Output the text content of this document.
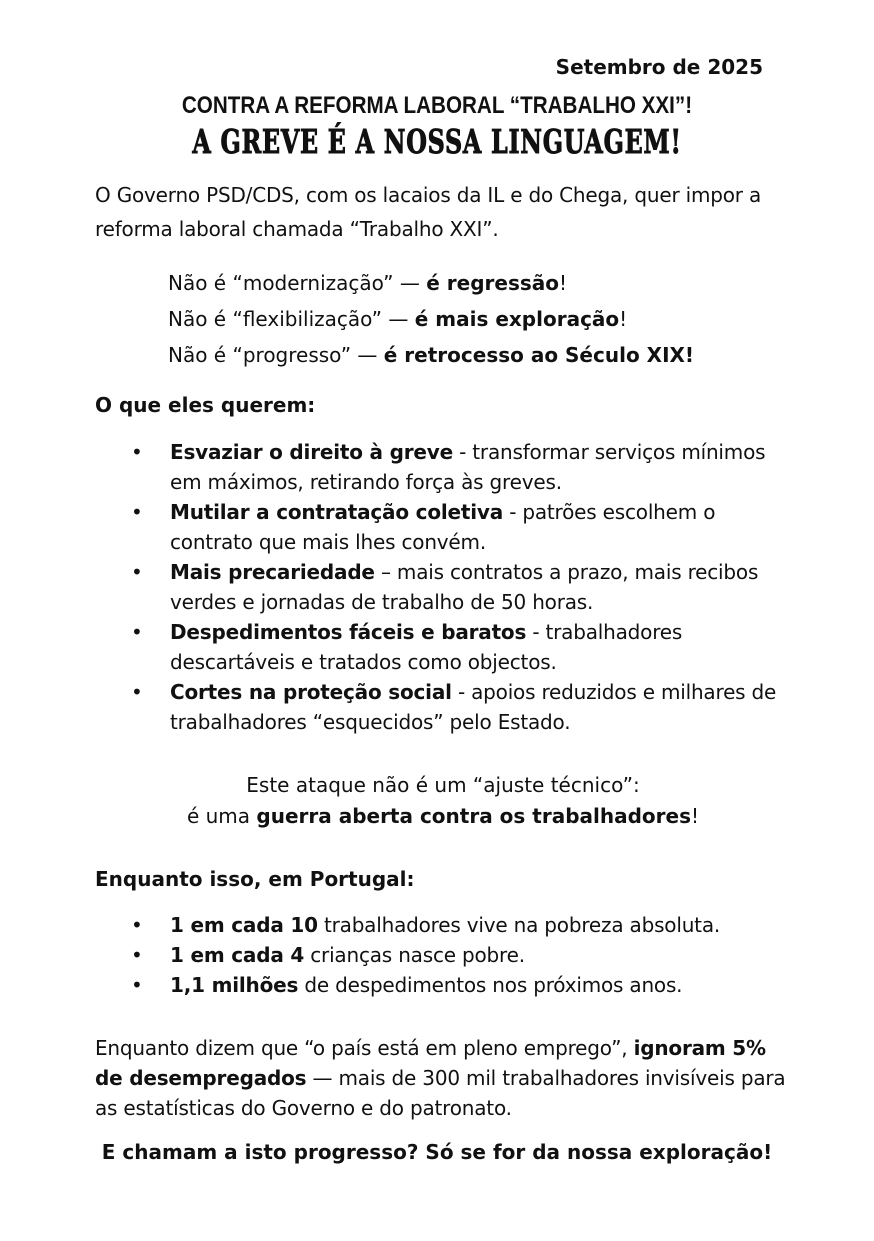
Setembro de 2025

CONTRA A REFORMA LABORAL “TRABALHO XXI”!
A GREVE É A NOSSA LINGUAGEM!

O Governo PSD/CDS, com os lacaios da IL e do Chega, quer impor a reforma laboral chamada “Trabalho XXI”.

Não é “modernização” — é regressão!

Não é “flexibilização” — é mais exploração!

Não é “progresso” — é retrocesso ao Século XIX!

O que eles querem:

• Esvaziar o direito à greve - transformar serviços mínimos em máximos, retirando força às greves.
• Mutilar a contratação coletiva - patrões escolhem o contrato que mais lhes convém.
• Mais precariedade – mais contratos a prazo, mais recibos verdes e jornadas de trabalho de 50 horas.
• Despedimentos fáceis e baratos - trabalhadores descartáveis e tratados como objectos.
• Cortes na proteção social - apoios reduzidos e milhares de trabalhadores “esquecidos” pelo Estado.

Este ataque não é um “ajuste técnico”:

é uma guerra aberta contra os trabalhadores!

Enquanto isso, em Portugal:

• 1 em cada 10 trabalhadores vive na pobreza absoluta.
• 1 em cada 4 crianças nasce pobre.
• 1,1 milhões de despedimentos nos próximos anos.

Enquanto dizem que “o país está em pleno emprego”, ignoram 5% de desempregados — mais de 300 mil trabalhadores invisíveis para as estatísticas do Governo e do patronato.

E chamam a isto progresso? Só se for da nossa exploração!
